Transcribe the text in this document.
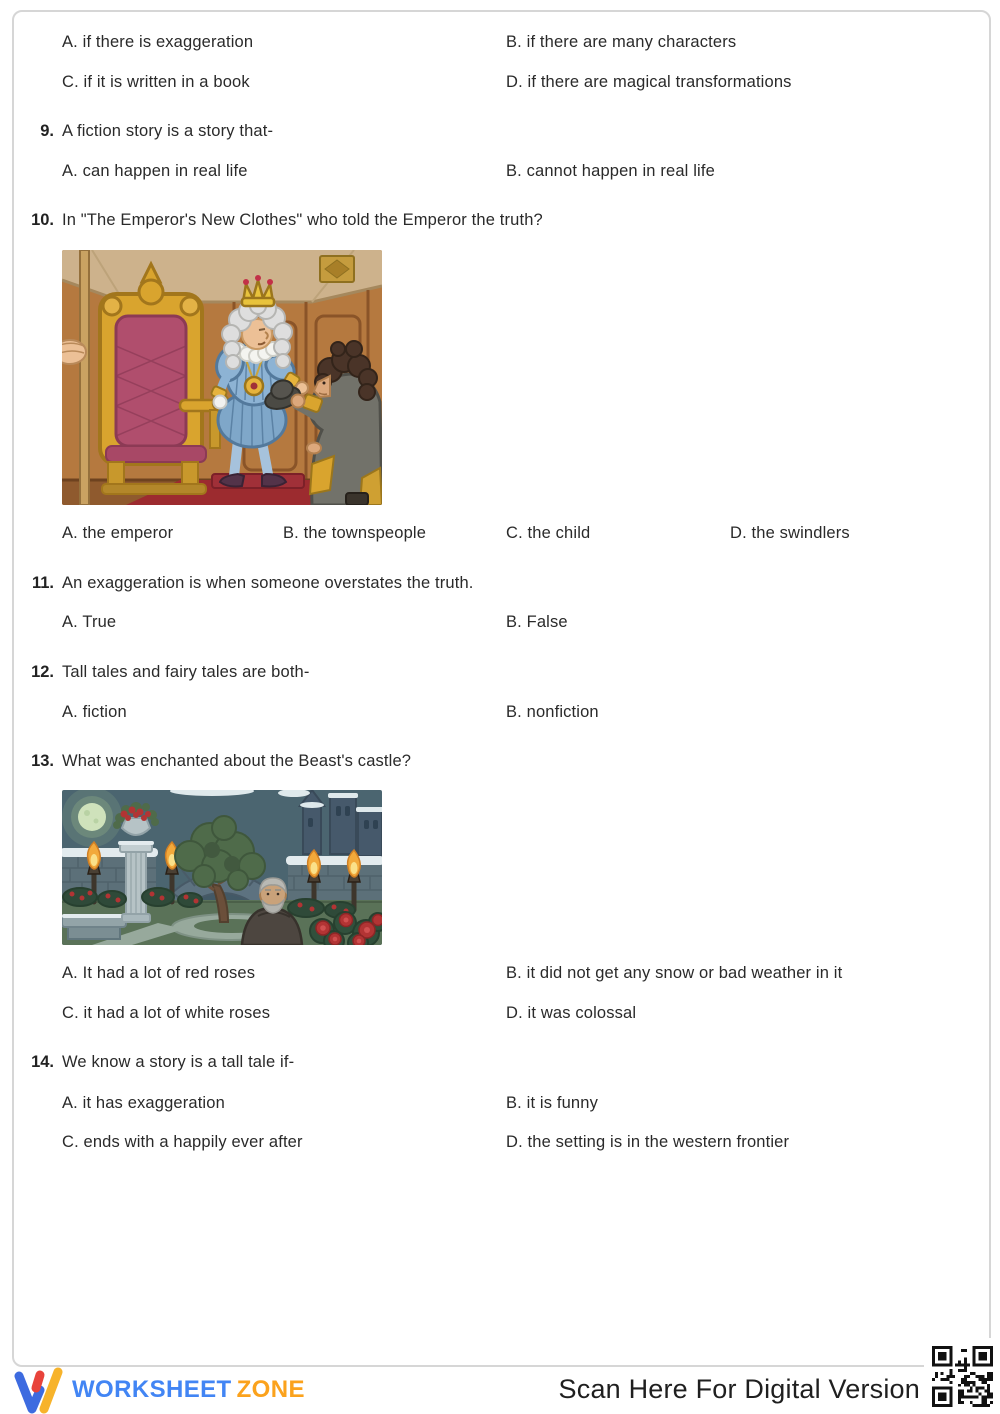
A. if there is exaggeration	B. if there are many characters
C. if it is written in a book	D. if there are magical transformations
9. A fiction story is a story that-
A. can happen in real life	B. cannot happen in real life
10. In "The Emperor's New Clothes" who told the Emperor the truth?
A. the emperor	B. the townspeople	C. the child	D. the swindlers
11. An exaggeration is when someone overstates the truth.
A. True	B. False
12. Tall tales and fairy tales are both-
A. fiction	B. nonfiction
13. What was enchanted about the Beast's castle?
A. It had a lot of red roses	B. it did not get any snow or bad weather in it
C. it had a lot of white roses	D. it was colossal
14. We know a story is a tall tale if-
A. it has exaggeration	B. it is funny
C. ends with a happily ever after	D. the setting is in the western frontier
WORKSHEET ZONE	Scan Here For Digital Version
